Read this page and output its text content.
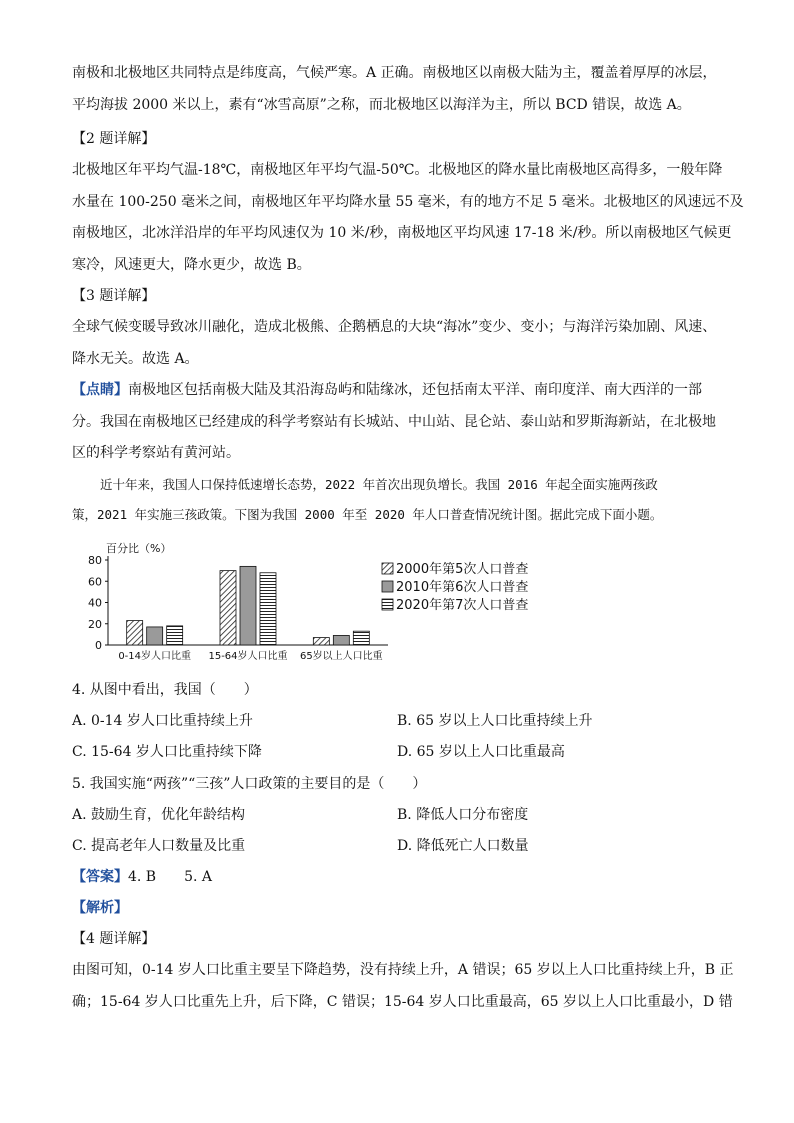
南极和北极地区共同特点是纬度高，气候严寒。A 正确。南极地区以南极大陆为主，覆盖着厚厚的冰层，
平均海拔 2000 米以上，素有“冰雪高原”之称，而北极地区以海洋为主，所以 BCD 错误，故选 A。
【2 题详解】
北极地区年平均气温-18℃，南极地区年平均气温-50℃。北极地区的降水量比南极地区高得多，一般年降
水量在 100-250 毫米之间，南极地区年平均降水量 55 毫米，有的地方不足 5 毫米。北极地区的风速远不及
南极地区，北冰洋沿岸的年平均风速仅为 10 米/秒，南极地区平均风速 17-18 米/秒。所以南极地区气候更
寒冷，风速更大，降水更少，故选 B。
【3 题详解】
全球气候变暖导致冰川融化，造成北极熊、企鹅栖息的大块“海冰”变少、变小；与海洋污染加剧、风速、
降水无关。故选 A。
【点睛】南极地区包括南极大陆及其沿海岛屿和陆缘冰，还包括南太平洋、南印度洋、南大西洋的一部
分。我国在南极地区已经建成的科学考察站有长城站、中山站、昆仑站、泰山站和罗斯海新站，在北极地
区的科学考察站有黄河站。
近十年来，我国人口保持低速增长态势，2022 年首次出现负增长。我国 2016 年起全面实施两孩政
策，2021 年实施三孩政策。下图为我国 2000 年至 2020 年人口普查情况统计图。据此完成下面小题。
百分比（%）
0
20
40
60
80
0-14岁人口比重 15-64岁人口比重 65岁以上人口比重
2000年第5次人口普查
2010年第6次人口普查
2020年第7次人口普查
4. 从图中看出，我国（　　）
A. 0-14 岁人口比重持续上升	B. 65 岁以上人口比重持续上升
C. 15-64 岁人口比重持续下降	D. 65 岁以上人口比重最高
5. 我国实施“两孩”“三孩”人口政策的主要目的是（　　）
A. 鼓励生育，优化年龄结构	B. 降低人口分布密度
C. 提高老年人口数量及比重	D. 降低死亡人口数量
【答案】4. B　　5. A
【解析】
【4 题详解】
由图可知，0-14 岁人口比重主要呈下降趋势，没有持续上升，A 错误；65 岁以上人口比重持续上升，B 正
确；15-64 岁人口比重先上升，后下降，C 错误；15-64 岁人口比重最高，65 岁以上人口比重最小，D 错
